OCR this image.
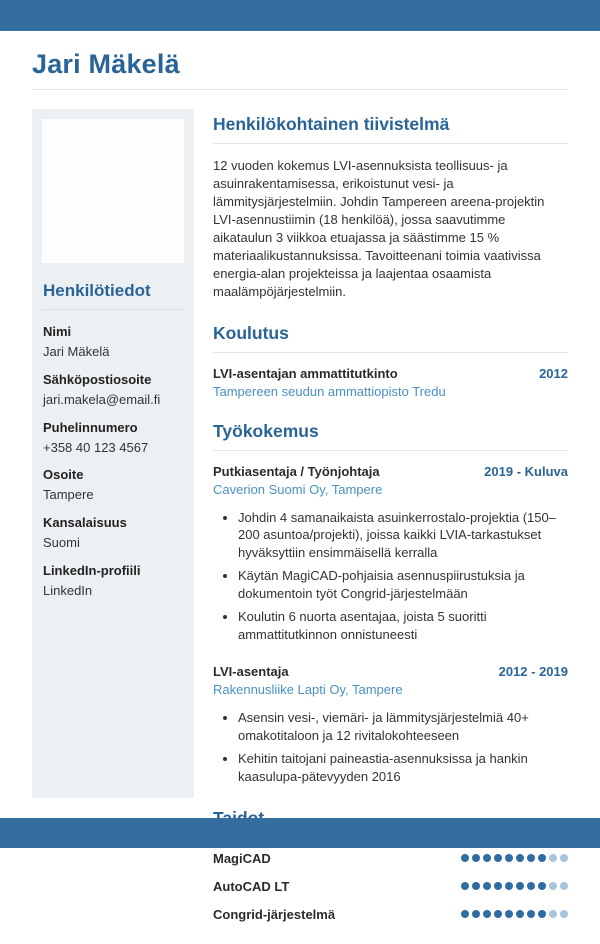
Jari Mäkelä
Henkilötiedot
Nimi
Jari Mäkelä
Sähköpostiosoite
jari.makela@email.fi
Puhelinnumero
+358 40 123 4567
Osoite
Tampere
Kansalaisuus
Suomi
LinkedIn-profiili
LinkedIn
Henkilökohtainen tiivistelmä

12 vuoden kokemus LVI-asennuksista teollisuus- ja asuinrakentamisessa, erikoistunut vesi- ja lämmitysjärjestelmiin. Johdin Tampereen areena-projektin LVI-asennustiimin (18 henkilöä), jossa saavutimme aikataulun 3 viikkoa etuajassa ja säästimme 15 % materiaalikustannuksissa. Tavoitteenani toimia vaativissa energia-alan projekteissa ja laajentaa osaamista maalämpöjärjestelmiin.

Koulutus
LVI-asentajan ammattitutkinto	2012
Tampereen seudun ammattiopisto Tredu
Työkokemus
Putkiasentaja / Työnjohtaja	2019 - Kuluva
Caverion Suomi Oy, Tampere
• Johdin 4 samanaikaista asuinkerrostalo-projektia (150–200 asuntoa/projekti), joissa kaikki LVIA-tarkastukset hyväksyttiin ensimmäisellä kerralla
• Käytän MagiCAD-pohjaisia asennuspiirustuksia ja dokumentoin työt Congrid-järjestelmään
• Koulutin 6 nuorta asentajaa, joista 5 suoritti ammattitutkinnon onnistuneesti
LVI-asentaja	2012 - 2019
Rakennusliike Lapti Oy, Tampere
• Asensin vesi-, viemäri- ja lämmitysjärjestelmiä 40+ omakotitaloon ja 12 rivitalokohteeseen
• Kehitin taitojani paineastia-asennuksissa ja hankin kaasulupa-pätevyyden 2016
MagiCAD
AutoCAD LT
Congrid-järjestelmä
